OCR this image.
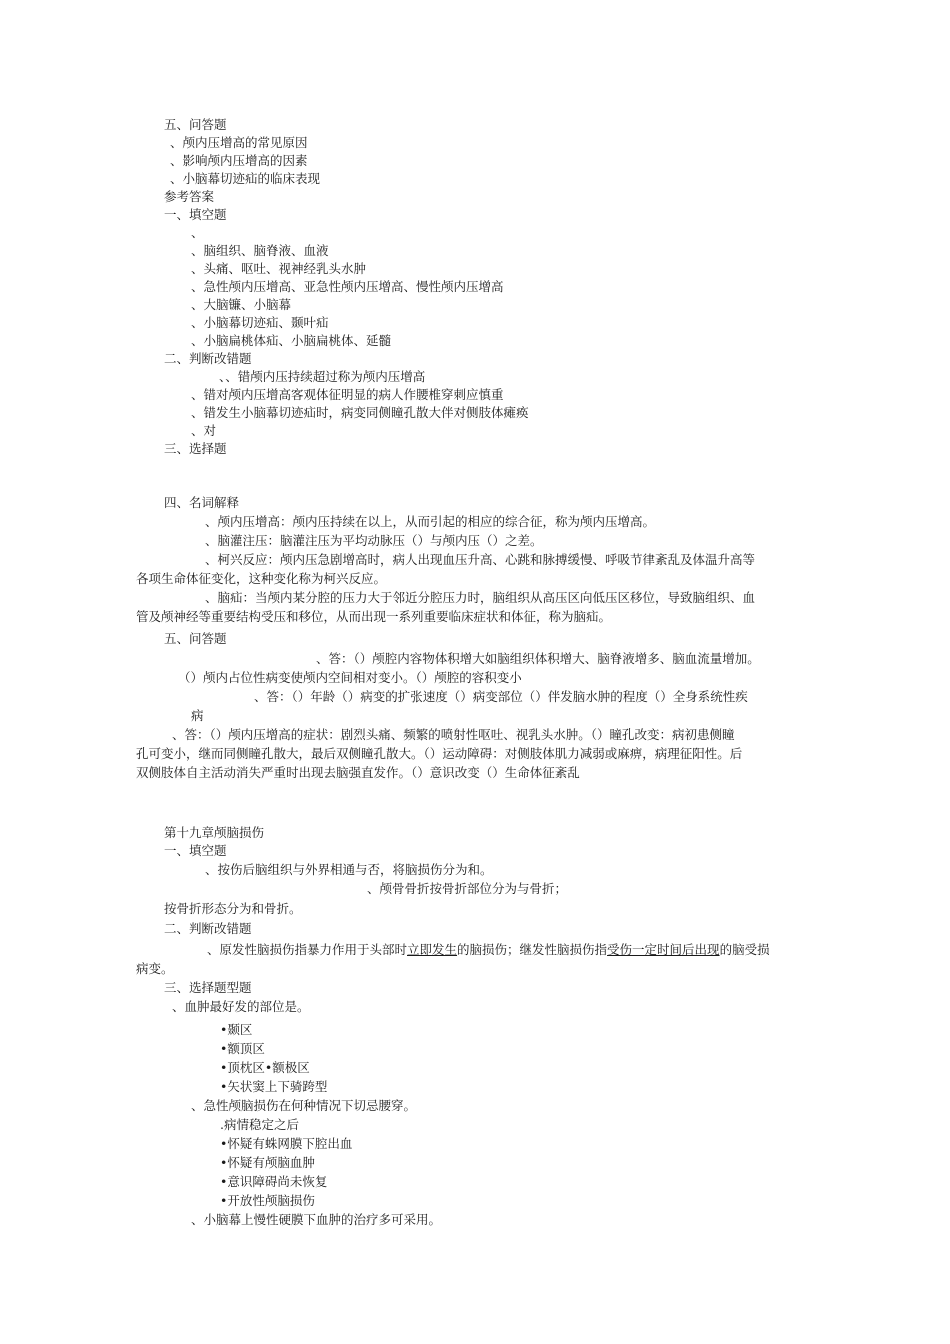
五、问答题
、颅内压增高的常见原因
、影响颅内压增高的因素
、小脑幕切迹疝的临床表现
参考答案
一、填空题
、
、脑组织、脑脊液、血液
、头痛、呕吐、视神经乳头水肿
、急性颅内压增高、亚急性颅内压增高、慢性颅内压增高
、大脑镰、小脑幕
、小脑幕切迹疝、颞叶疝
、小脑扁桃体疝、小脑扁桃体、延髓
二、判断改错题
、、错颅内压持续超过称为颅内压增高
、错对颅内压增高客观体征明显的病人作腰椎穿刺应慎重
、错发生小脑幕切迹疝时，病变同侧瞳孔散大伴对侧肢体瘫痪
、对
三、选择题
四、名词解释
、颅内压增高：颅内压持续在以上，从而引起的相应的综合征，称为颅内压增高。
、脑灌注压：脑灌注压为平均动脉压（）与颅内压（）之差。
、柯兴反应：颅内压急剧增高时，病人出现血压升高、心跳和脉搏缓慢、呼吸节律紊乱及体温升高等
各项生命体征变化，这种变化称为柯兴反应。
、脑疝：当颅内某分腔的压力大于邻近分腔压力时，脑组织从高压区向低压区移位，导致脑组织、血
管及颅神经等重要结构受压和移位，从而出现一系列重要临床症状和体征，称为脑疝。
五、问答题
、答：（）颅腔内容物体积增大如脑组织体积增大、脑脊液增多、脑血流量增加。
（）颅内占位性病变使颅内空间相对变小。（）颅腔的容积变小
、答：（）年龄（）病变的扩张速度（）病变部位（）伴发脑水肿的程度（）全身系统性疾
病
、答：（）颅内压增高的症状：剧烈头痛、频繁的喷射性呕吐、视乳头水肿。（）瞳孔改变：病初患侧瞳
孔可变小，继而同侧瞳孔散大，最后双侧瞳孔散大。（）运动障碍：对侧肢体肌力减弱或麻痹，病理征阳性。后
双侧肢体自主活动消失严重时出现去脑强直发作。（）意识改变（）生命体征紊乱
第十九章颅脑损伤
一、填空题
、按伤后脑组织与外界相通与否，将脑损伤分为和。
、颅骨骨折按骨折部位分为与骨折；
按骨折形态分为和骨折。
二、判断改错题
、原发性脑损伤指暴力作用于头部时立即发生的脑损伤；继发性脑损伤指受伤一定时间后出现的脑受损
病变。
三、选择题型题
、血肿最好发的部位是。
•颞区
•额顶区
•顶枕区•额极区
•矢状窦上下骑跨型
、急性颅脑损伤在何种情况下切忌腰穿。
.病情稳定之后
•怀疑有蛛网膜下腔出血
•怀疑有颅脑血肿
•意识障碍尚未恢复
•开放性颅脑损伤
、小脑幕上慢性硬膜下血肿的治疗多可采用。
